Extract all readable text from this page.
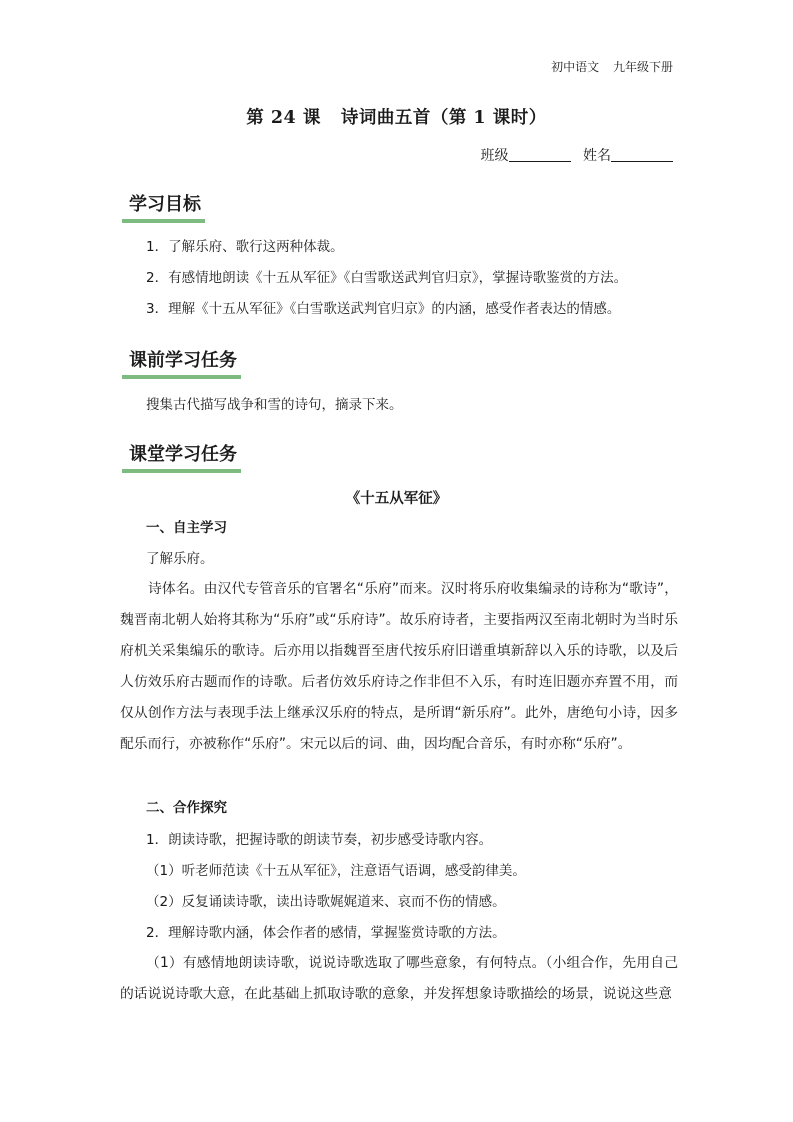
初中语文 九年级下册
第 24 课 诗词曲五首（第 1 课时）
班级	姓名
学习目标
1．了解乐府、歌行这两种体裁。
2．有感情地朗读《十五从军征》《白雪歌送武判官归京》，掌握诗歌鉴赏的方法。
3．理解《十五从军征》《白雪歌送武判官归京》的内涵，感受作者表达的情感。
课前学习任务
搜集古代描写战争和雪的诗句，摘录下来。
课堂学习任务
《十五从军征》
一、自主学习
了解乐府。

诗体名。由汉代专管音乐的官署名“乐府”而来。汉时将乐府收集编录的诗称为“歌诗”，魏晋南北朝人始将其称为“乐府”或“乐府诗”。故乐府诗者，主要指两汉至南北朝时为当时乐府机关采集编乐的歌诗。后亦用以指魏晋至唐代按乐府旧谱重填新辞以入乐的诗歌，以及后人仿效乐府古题而作的诗歌。后者仿效乐府诗之作非但不入乐，有时连旧题亦弃置不用，而仅从创作方法与表现手法上继承汉乐府的特点，是所谓“新乐府”。此外，唐绝句小诗，因多配乐而行，亦被称作“乐府”。宋元以后的词、曲，因均配合音乐，有时亦称“乐府”。

二、合作探究
1．朗读诗歌，把握诗歌的朗读节奏，初步感受诗歌内容。
（1）听老师范读《十五从军征》，注意语气语调，感受韵律美。
（2）反复诵读诗歌，读出诗歌娓娓道来、哀而不伤的情感。
2．理解诗歌内涵，体会作者的感情，掌握鉴赏诗歌的方法。

（1）有感情地朗读诗歌，说说诗歌选取了哪些意象，有何特点。（小组合作，先用自己的话说说诗歌大意，在此基础上抓取诗歌的意象，并发挥想象诗歌描绘的场景，说说这些意
